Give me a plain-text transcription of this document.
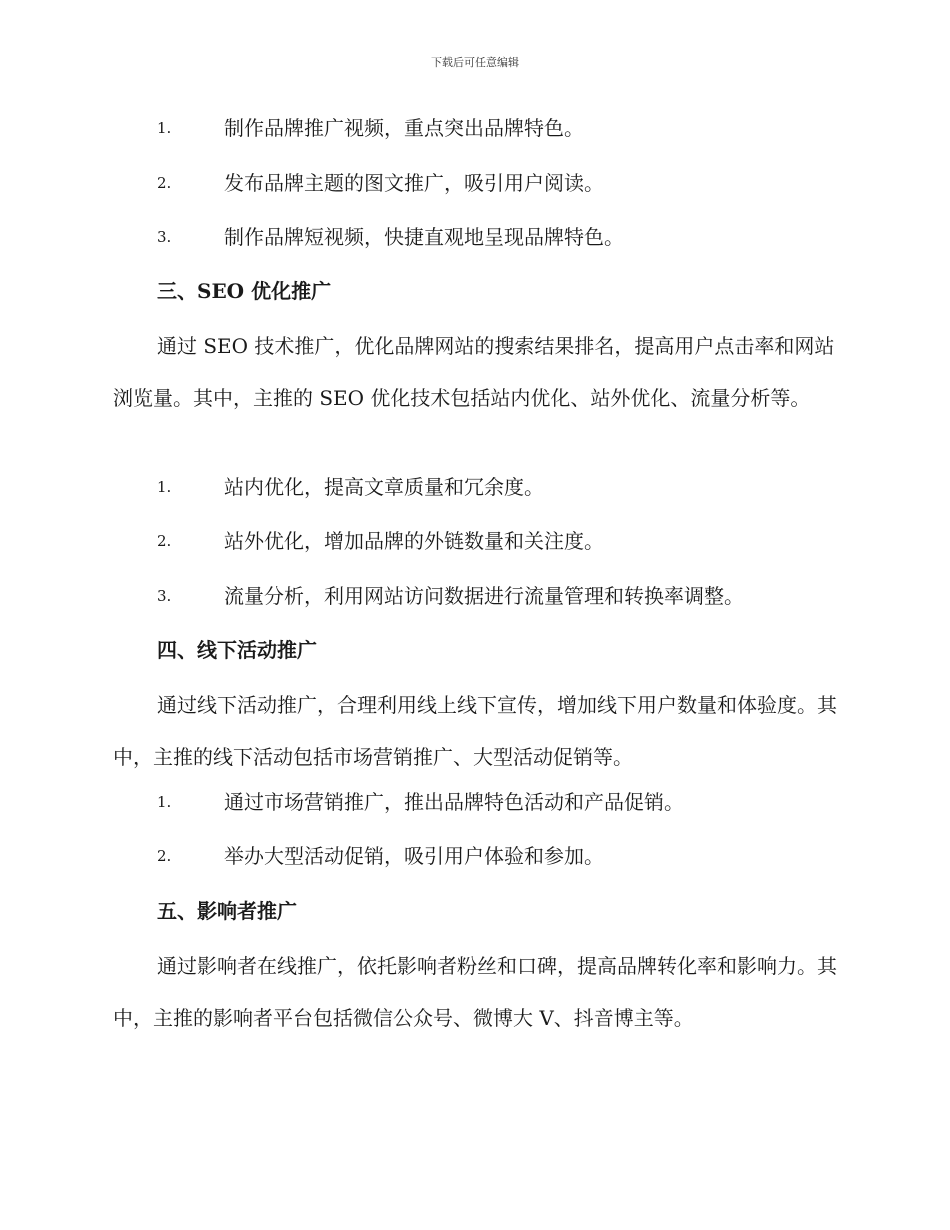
下载后可任意编辑
1.	制作品牌推广视频，重点突出品牌特色。
2.	发布品牌主题的图文推广，吸引用户阅读。
3.	制作品牌短视频，快捷直观地呈现品牌特色。
三、SEO 优化推广
通过 SEO 技术推广，优化品牌网站的搜索结果排名，提高用户点击率和网站浏览量。其中，主推的 SEO 优化技术包括站内优化、站外优化、流量分析等。
1.	站内优化，提高文章质量和冗余度。
2.	站外优化，增加品牌的外链数量和关注度。
3.	流量分析，利用网站访问数据进行流量管理和转换率调整。
四、线下活动推广
通过线下活动推广，合理利用线上线下宣传，增加线下用户数量和体验度。其中，主推的线下活动包括市场营销推广、大型活动促销等。
1.	通过市场营销推广，推出品牌特色活动和产品促销。
2.	举办大型活动促销，吸引用户体验和参加。
五、影响者推广
通过影响者在线推广，依托影响者粉丝和口碑，提高品牌转化率和影响力。其中，主推的影响者平台包括微信公众号、微博大 V、抖音博主等。
